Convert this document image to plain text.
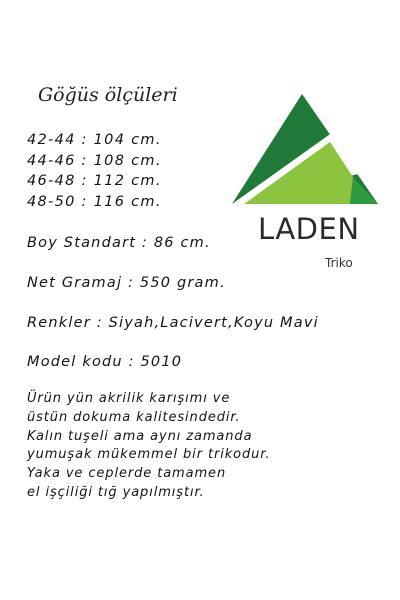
Göğüs ölçüleri
42-44 : 104 cm.
44-46 : 108 cm.
46-48 : 112 cm.
48-50 : 116 cm.
Boy Standart : 86 cm.
Net Gramaj : 550 gram.
Renkler : Siyah,Lacivert,Koyu Mavi
Model kodu : 5010
Ürün yün akrilik karışımı ve
üstün dokuma kalitesindedir.
Kalın tuşeli ama aynı zamanda
yumuşak mükemmel bir trikodur.
Yaka ve ceplerde tamamen
el işçiliği tığ yapılmıştır.
LADEN
Triko
